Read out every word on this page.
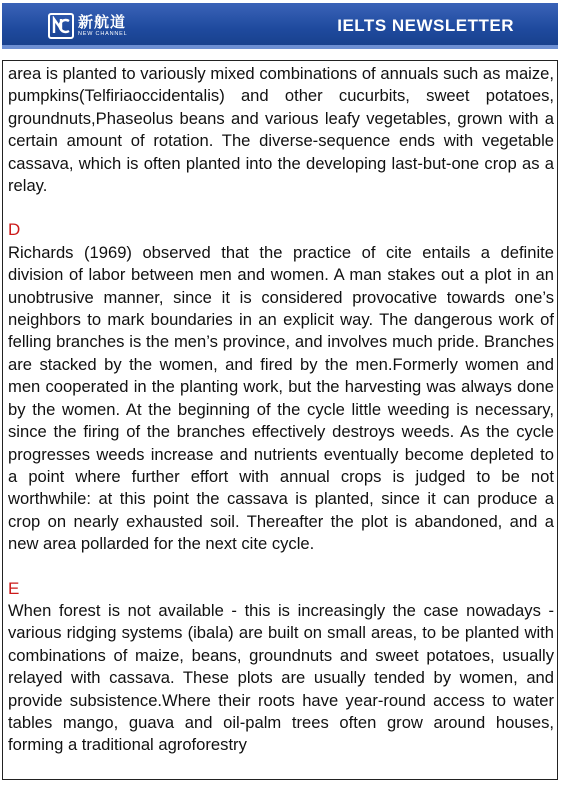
新航道
NEW CHANNEL	IELTS NEWSLETTER

area is planted to variously mixed combinations of annuals such as maize, pumpkins(Telfiriaoccidentalis) and other cucurbits, sweet potatoes, groundnuts,Phaseolus beans and various leafy vegetables, grown with a certain amount of rotation. The diverse-sequence ends with vegetable cassava, which is often planted into the developing last-but-one crop as a relay.

D

Richards (1969) observed that the practice of cite entails a definite division of labor between men and women. A man stakes out a plot in an unobtrusive manner, since it is considered provocative towards one’s neighbors to mark boundaries in an explicit way. The dangerous work of felling branches is the men’s province, and involves much pride. Branches are stacked by the women, and fired by the men.Formerly women and men cooperated in the planting work, but the harvesting was always done by the women. At the beginning of the cycle little weeding is necessary, since the firing of the branches effectively destroys weeds. As the cycle progresses weeds increase and nutrients eventually become depleted to a point where further effort with annual crops is judged to be not worthwhile: at this point the cassava is planted, since it can produce a crop on nearly exhausted soil. Thereafter the plot is abandoned, and a new area pollarded for the next cite cycle.

E

When forest is not available - this is increasingly the case nowadays - various ridging systems (ibala) are built on small areas, to be planted with combinations of maize, beans, groundnuts and sweet potatoes, usually relayed with cassava. These plots are usually tended by women, and provide subsistence.Where their roots have year-round access to water tables mango, guava and oil-palm trees often grow around houses, forming a traditional agroforestry
